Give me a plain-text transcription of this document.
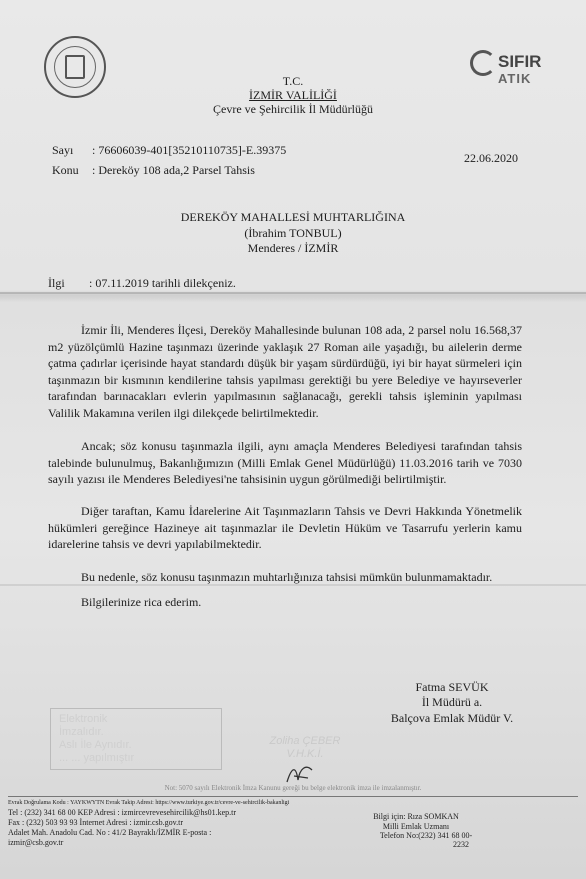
SIFIR
ATIK
T.C.
İZMİR VALİLİĞİ
Çevre ve Şehircilik İl Müdürlüğü
Sayı : 76606039-401[35210110735]-E.39375
22.06.2020
Konu : Dereköy 108 ada,2 Parsel Tahsis
DEREKÖY MAHALLESİ MUHTARLIĞINA
(İbrahim TONBUL)
Menderes / İZMİR
İlgi : 07.11.2019 tarihli dilekçeniz.

İzmir İli, Menderes İlçesi, Dereköy Mahallesinde bulunan 108 ada, 2 parsel nolu 16.568,37 m2 yüzölçümlü Hazine taşınmazı üzerinde yaklaşık 27 Roman aile yaşadığı, bu ailelerin derme çatma çadırlar içerisinde hayat standardı düşük bir yaşam sürdürdüğü, iyi bir hayat sürmeleri için taşınmazın bir kısmının kendilerine tahsis yapılması gerektiği bu yere Belediye ve hayırseverler tarafından barınacakları evlerin yapılmasının sağlanacağı, gerekli tahsis işleminin yapılması Valilik Makamına verilen ilgi dilekçede belirtilmektedir.

Ancak; söz konusu taşınmazla ilgili, aynı amaçla Menderes Belediyesi tarafından tahsis talebinde bulunulmuş, Bakanlığımızın (Milli Emlak Genel Müdürlüğü) 11.03.2016 tarih ve 7030 sayılı yazısı ile Menderes Belediyesi'ne tahsisinin uygun görülmediği belirtilmiştir.

Diğer taraftan, Kamu İdarelerine Ait Taşınmazların Tahsis ve Devri Hakkında Yönetmelik hükümleri gereğince Hazineye ait taşınmazlar ile Devletin Hüküm ve Tasarrufu yerlerin kamu idarelerine tahsis ve devri yapılabilmektedir.

Bu nedenle, söz konusu taşınmazın muhtarlığınıza tahsisi mümkün bulunmamaktadır.

Bilgilerinize rica ederim.

Fatma SEVÜK
İl Müdürü a.
Balçova Emlak Müdür V.
Elektronik
İmzalıdır.
Aslı İle Aynıdır.
... ... yapılmıştır
Zoliha ÇEBER
V.H.K.İ.
Not: 5070 sayılı Elektronik İmza Kanunu gereği bu belge elektronik imza ile imzalanmıştır.
Evrak Doğrulama Kodu : YAYKWYTN Evrak Takip Adresi: https://www.turkiye.gov.tr/cevre-ve-sehircilik-bakanligi
Tel : (232) 341 68 00 KEP Adresi : izmircevrevesehircilik@hs01.kep.tr
Fax : (232) 503 93 93 İnternet Adresi : izmir.csb.gov.tr
Adalet Mah. Anadolu Cad. No : 41/2 Bayraklı/İZMİR E-posta :
izmir@csb.gov.tr
Bilgi için: Rıza SOMKAN
Milli Emlak Uzmanı
Telefon No:(232) 341 68 00-
2232
